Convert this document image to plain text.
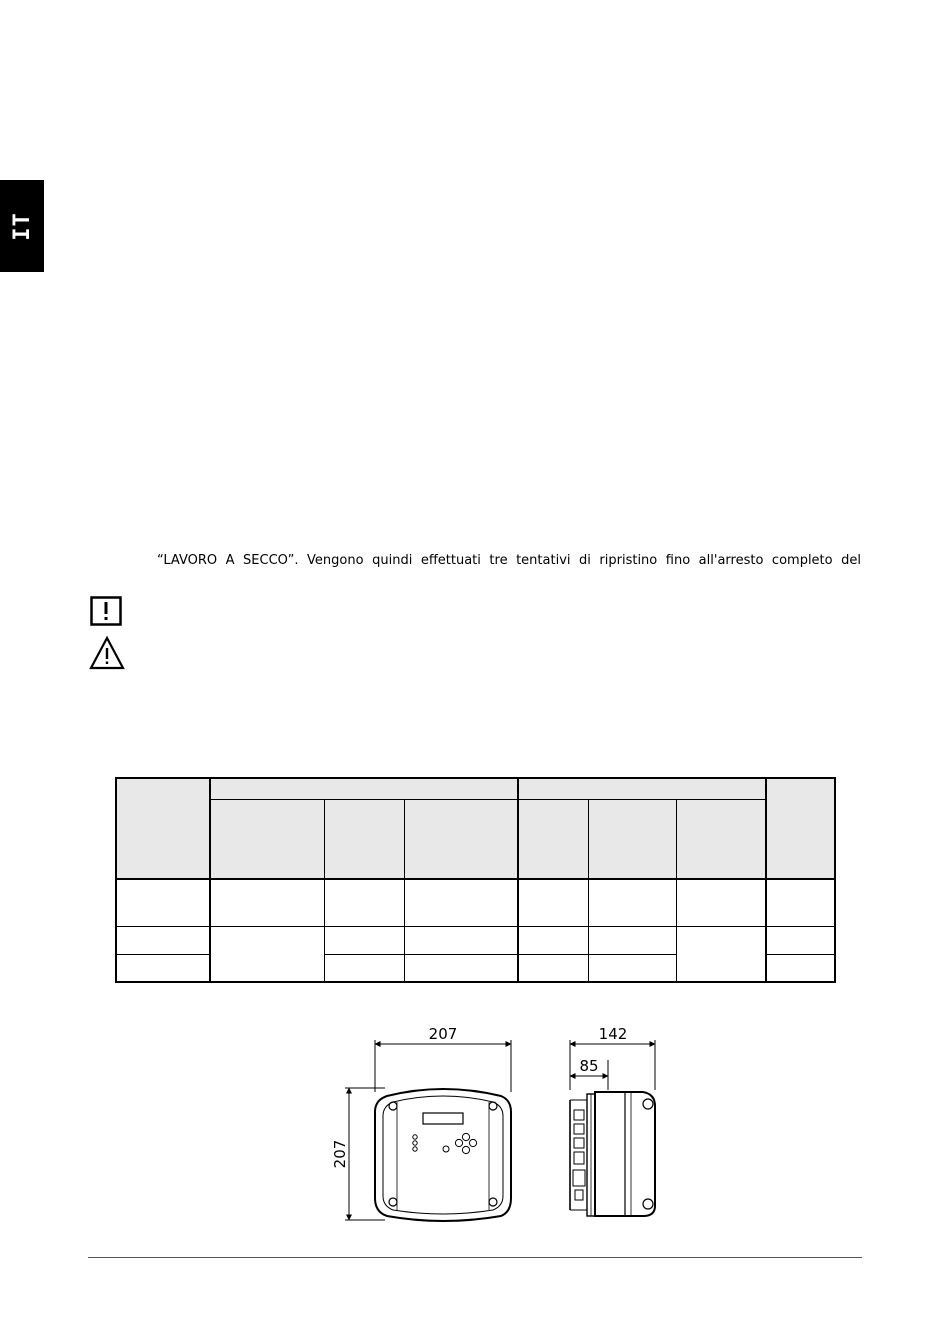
IT
“LAVORO A SECCO”. Vengono quindi effettuati tre tentativi di ripristino fino all'arresto completo del

207
207
142
85
